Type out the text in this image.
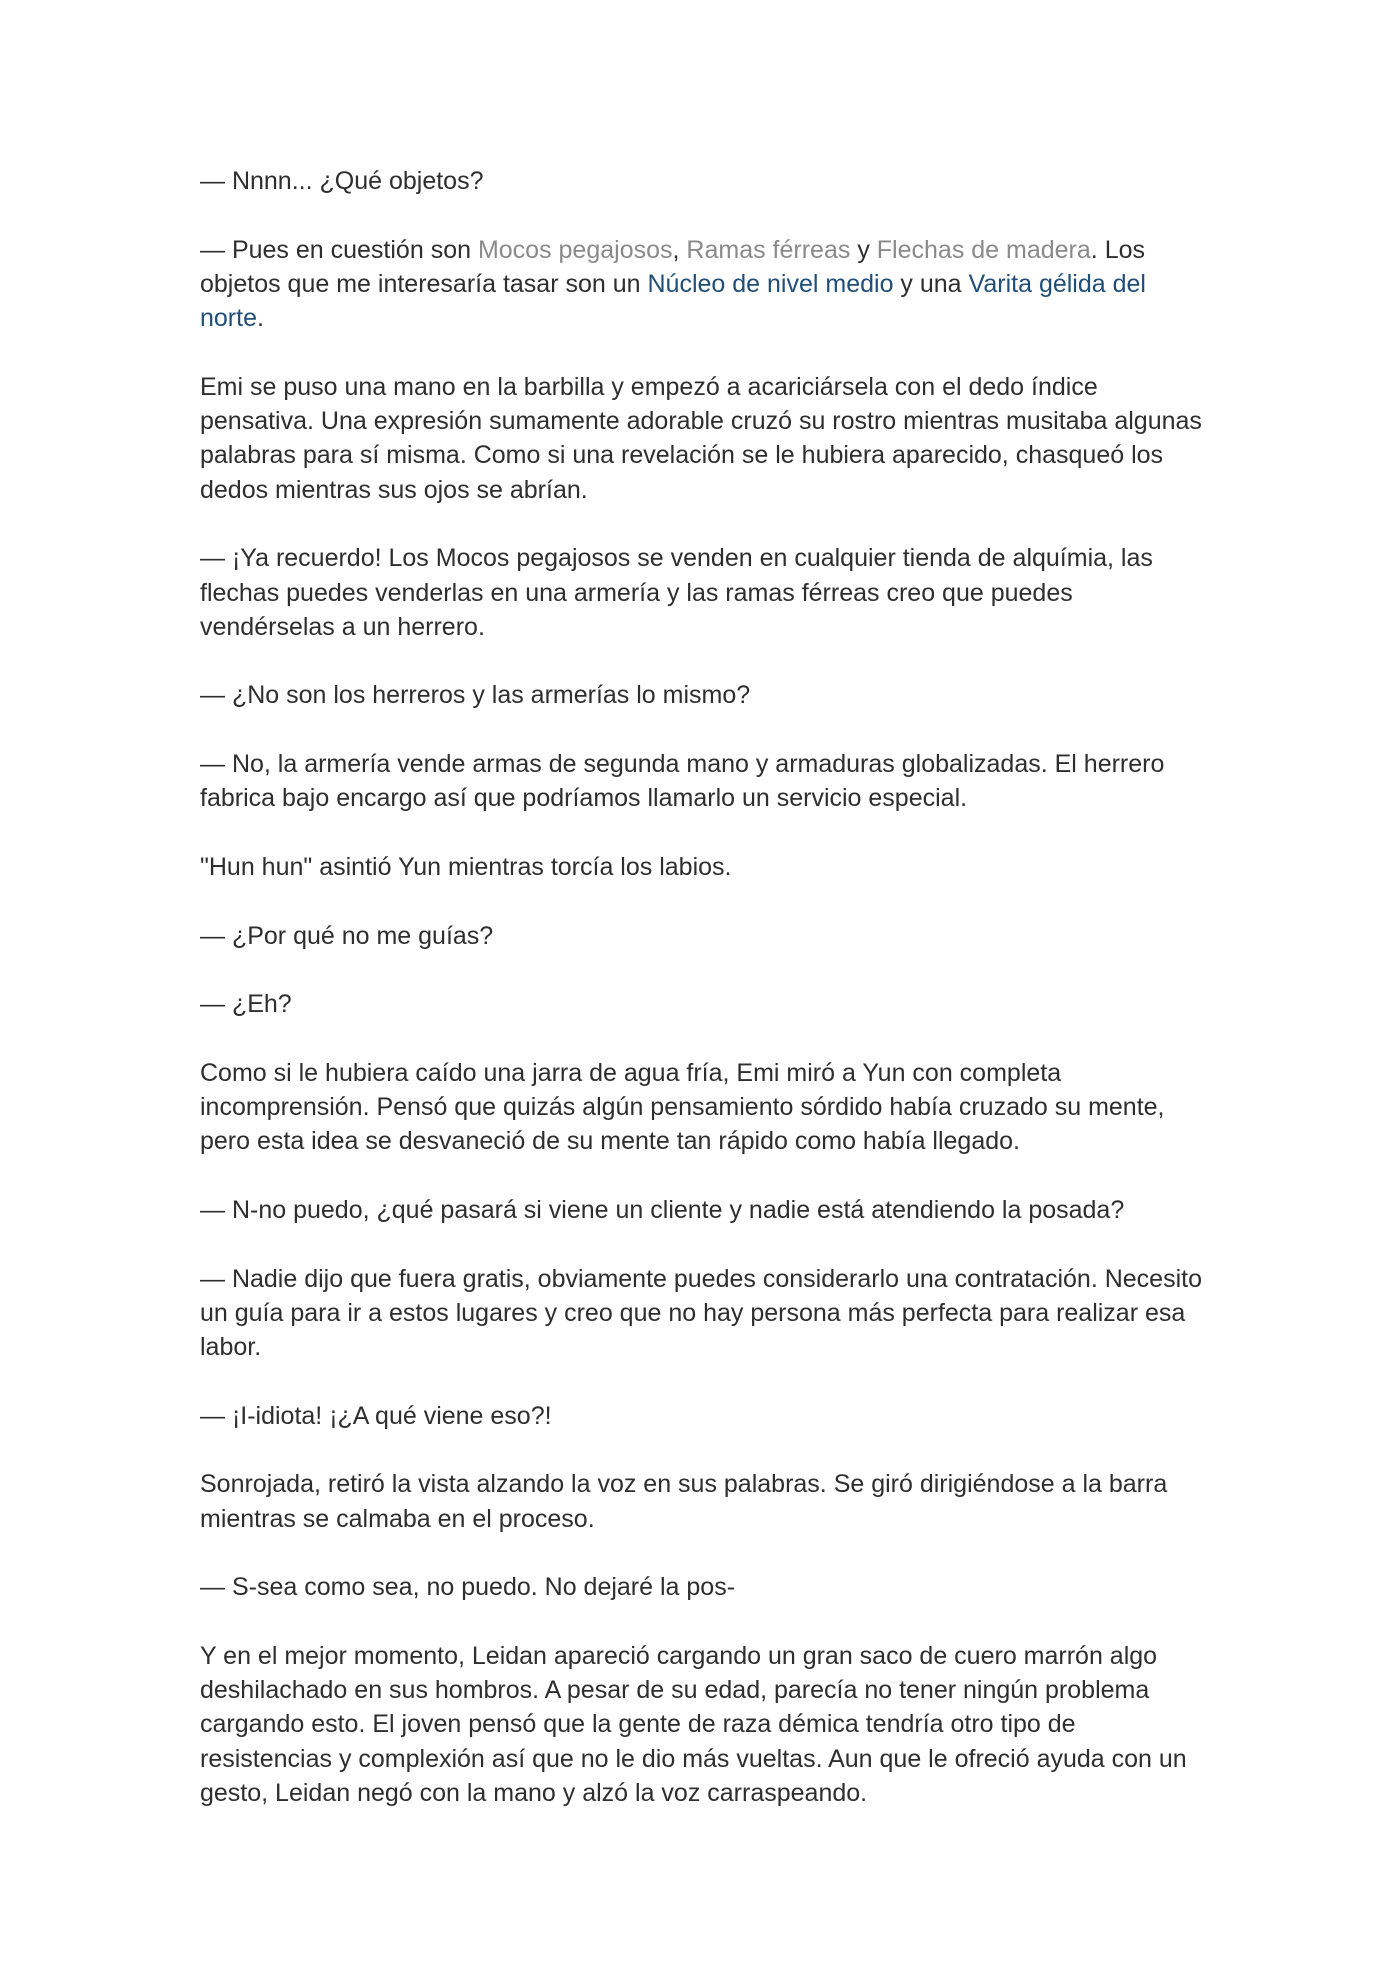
— Nnnn... ¿Qué objetos?

— Pues en cuestión son Mocos pegajosos, Ramas férreas y Flechas de madera. Los objetos que me interesaría tasar son un Núcleo de nivel medio y una Varita gélida del norte.

Emi se puso una mano en la barbilla y empezó a acariciársela con el dedo índice pensativa. Una expresión sumamente adorable cruzó su rostro mientras musitaba algunas palabras para sí misma. Como si una revelación se le hubiera aparecido, chasqueó los dedos mientras sus ojos se abrían.

— ¡Ya recuerdo! Los Mocos pegajosos se venden en cualquier tienda de alquímia, las flechas puedes venderlas en una armería y las ramas férreas creo que puedes vendérselas a un herrero.

— ¿No son los herreros y las armerías lo mismo?

— No, la armería vende armas de segunda mano y armaduras globalizadas. El herrero fabrica bajo encargo así que podríamos llamarlo un servicio especial.

"Hun hun" asintió Yun mientras torcía los labios.

— ¿Por qué no me guías?

— ¿Eh?

Como si le hubiera caído una jarra de agua fría, Emi miró a Yun con completa incomprensión. Pensó que quizás algún pensamiento sórdido había cruzado su mente, pero esta idea se desvaneció de su mente tan rápido como había llegado.

— N-no puedo, ¿qué pasará si viene un cliente y nadie está atendiendo la posada?

— Nadie dijo que fuera gratis, obviamente puedes considerarlo una contratación. Necesito un guía para ir a estos lugares y creo que no hay persona más perfecta para realizar esa labor.

— ¡I-idiota! ¡¿A qué viene eso?!

Sonrojada, retiró la vista alzando la voz en sus palabras. Se giró dirigiéndose a la barra mientras se calmaba en el proceso.

— S-sea como sea, no puedo. No dejaré la pos-

Y en el mejor momento, Leidan apareció cargando un gran saco de cuero marrón algo deshilachado en sus hombros. A pesar de su edad, parecía no tener ningún problema cargando esto. El joven pensó que la gente de raza démica tendría otro tipo de resistencias y complexión así que no le dio más vueltas. Aun que le ofreció ayuda con un gesto, Leidan negó con la mano y alzó la voz carraspeando.
